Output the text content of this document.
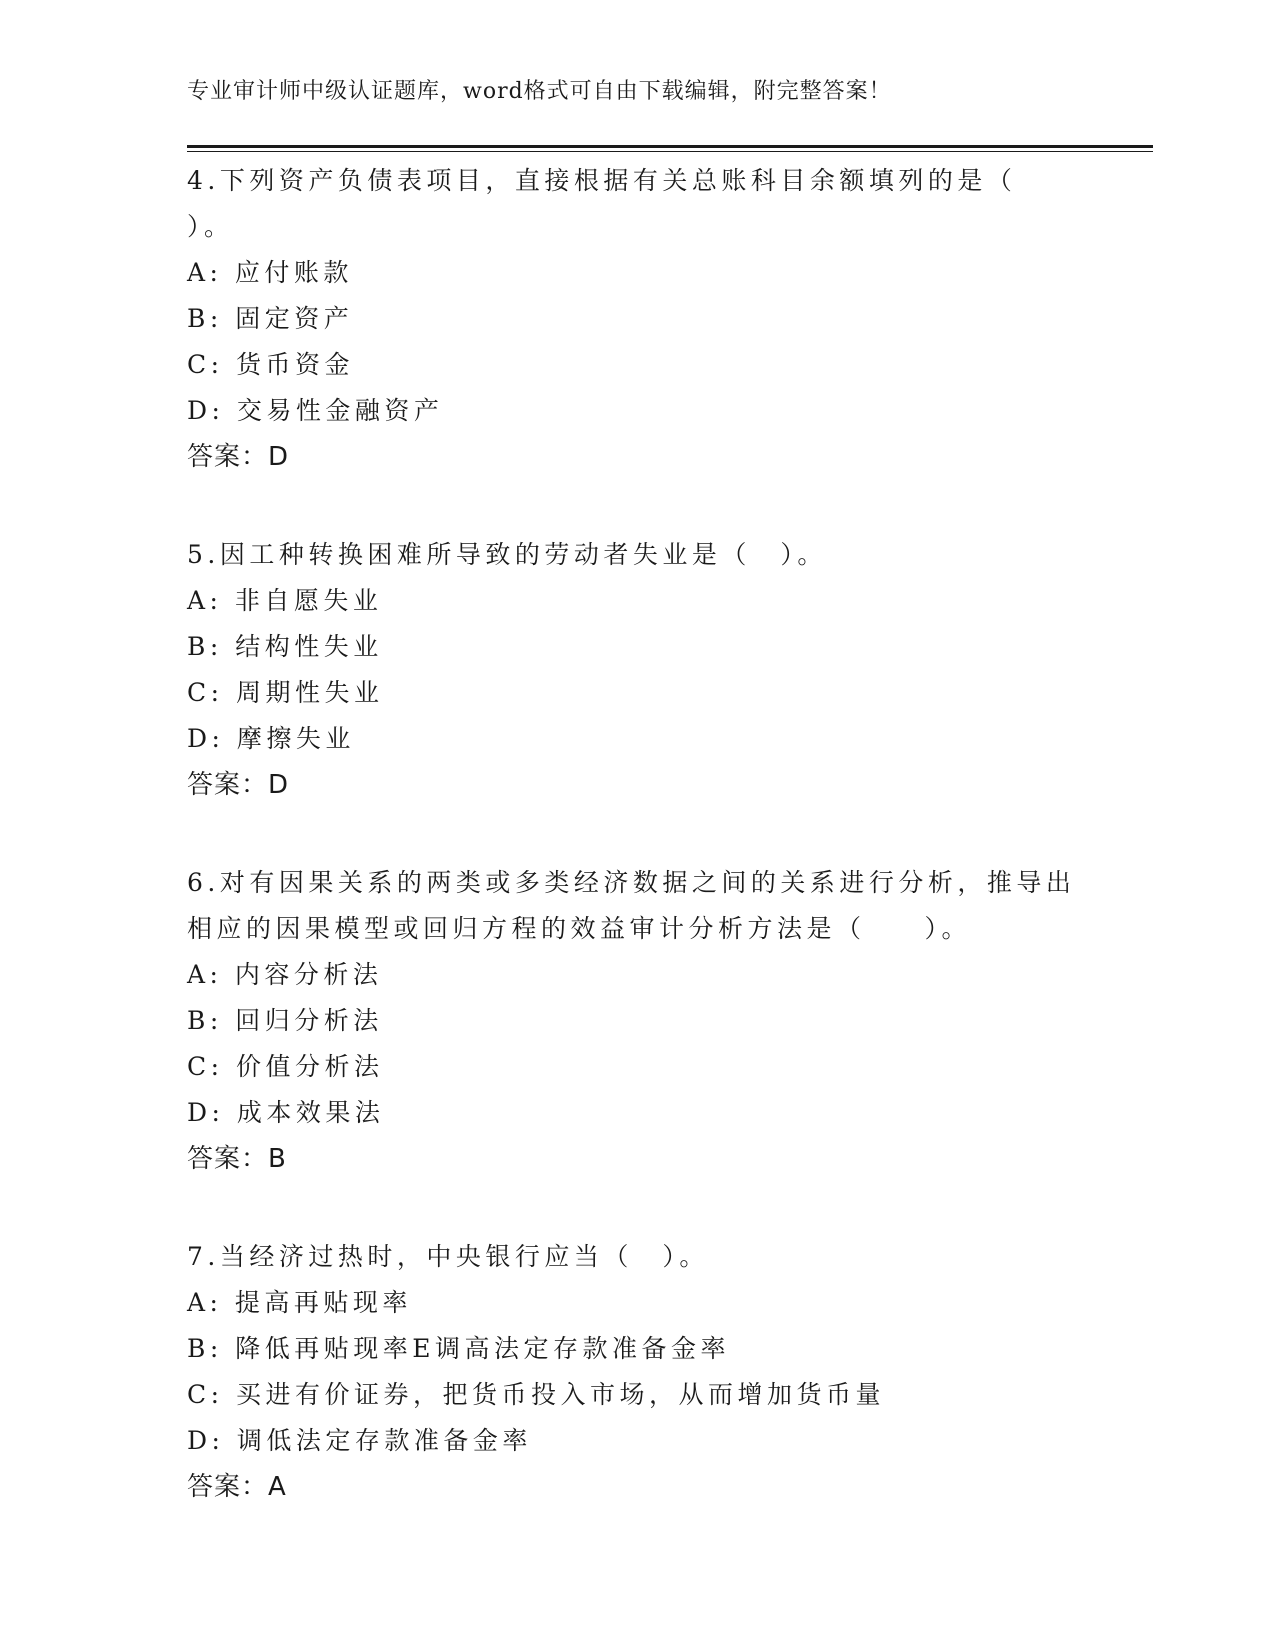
专业审计师中级认证题库，word格式可自由下载编辑，附完整答案！
4.下列资产负债表项目，直接根据有关总账科目余额填列的是（
）。
A: 应付账款
B: 固定资产
C: 货币资金
D: 交易性金融资产
答案：D
5.因工种转换困难所导致的劳动者失业是（　）。
A: 非自愿失业
B: 结构性失业
C: 周期性失业
D: 摩擦失业
答案：D
6.对有因果关系的两类或多类经济数据之间的关系进行分析，推导出
相应的因果模型或回归方程的效益审计分析方法是（　　）。
A: 内容分析法
B: 回归分析法
C: 价值分析法
D: 成本效果法
答案：B
7.当经济过热时，中央银行应当（　）。
A: 提高再贴现率
B: 降低再贴现率E调高法定存款准备金率
C: 买进有价证券，把货币投入市场，从而增加货币量
D: 调低法定存款准备金率
答案：A
